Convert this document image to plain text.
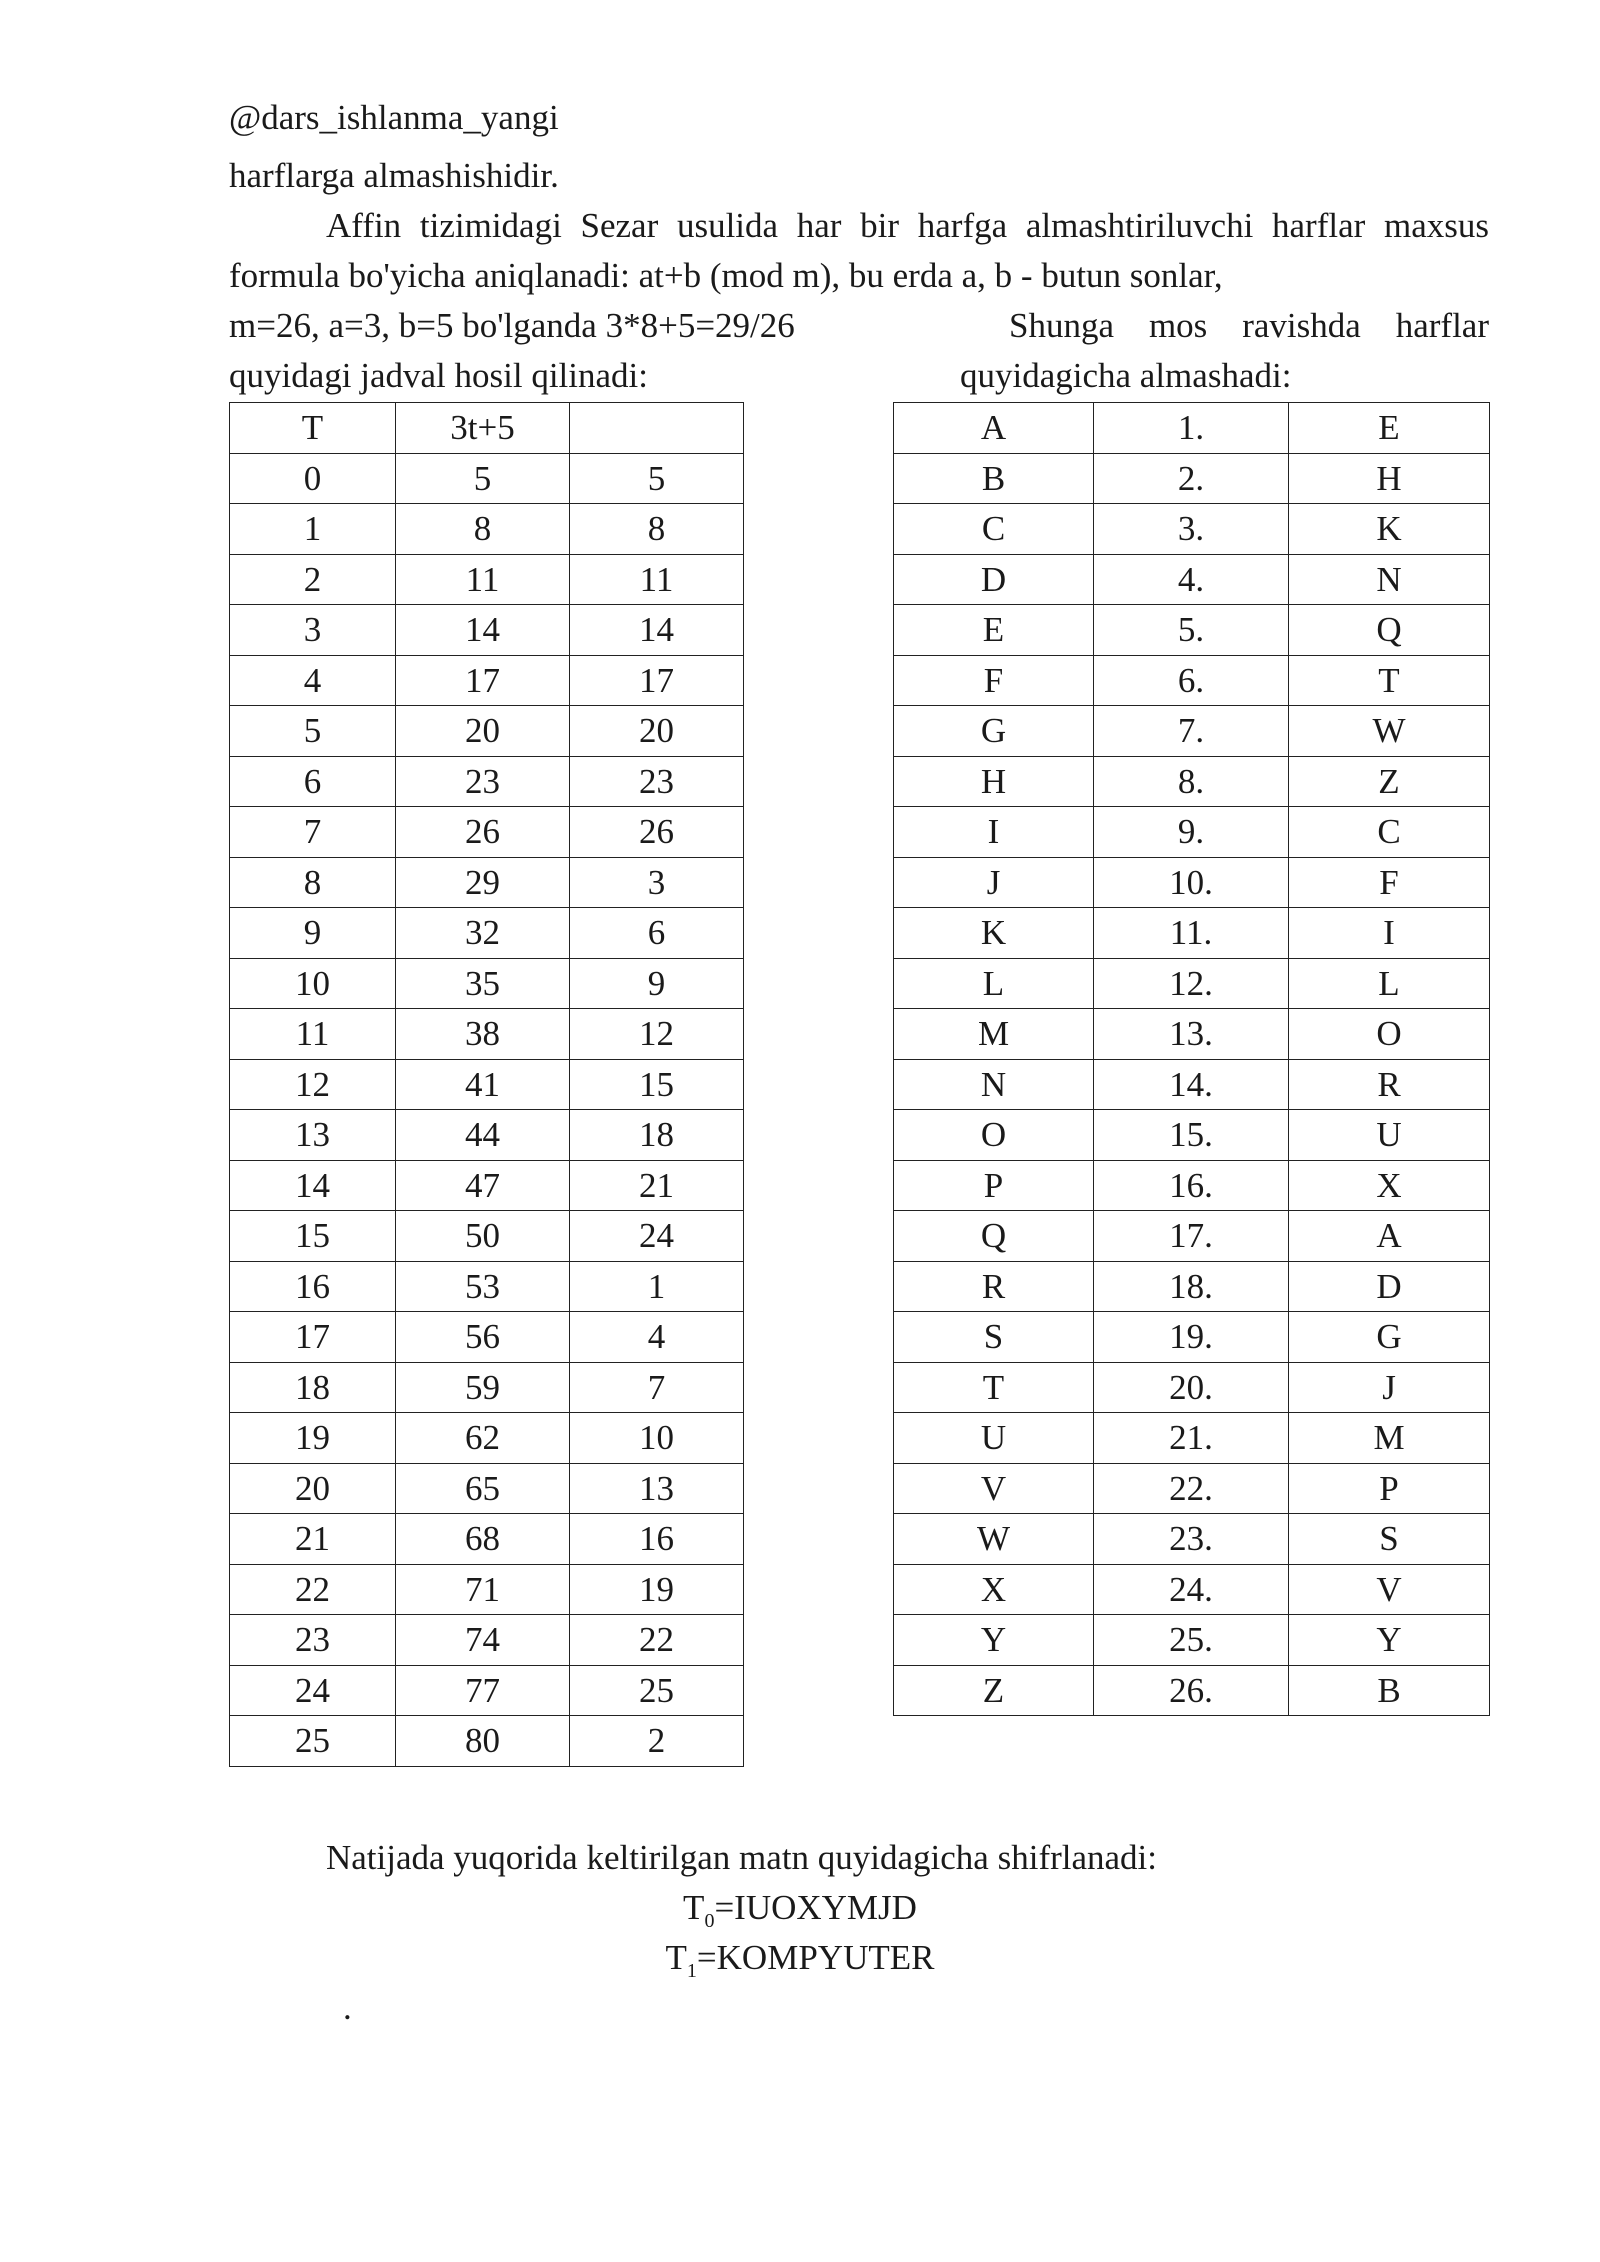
@dars_ishlanma_yangi
harflarga almashishidir.
Affin tizimidagi Sezar usulida har bir harfga almashtiriluvchi harflar maxsus
formula bo'yicha aniqlanadi: at+b (mod m), bu erda a, b - butun sonlar,
m=26, a=3, b=5 bo'lganda 3*8+5=29/26	Shunga mos ravishda harflar
quyidagi jadval hosil qilinadi:	quyidagicha almashadi:
T	3t+5	
0	5	5
1	8	8
2	11	11
3	14	14
4	17	17
5	20	20
6	23	23
7	26	26
8	29	3
9	32	6
10	35	9
11	38	12
12	41	15
13	44	18
14	47	21
15	50	24
16	53	1
17	56	4
18	59	7
19	62	10
20	65	13
21	68	16
22	71	19
23	74	22
24	77	25
25	80	2
A	1.	E
B	2.	H
C	3.	K
D	4.	N
E	5.	Q
F	6.	T
G	7.	W
H	8.	Z
I	9.	C
J	10.	F
K	11.	I
L	12.	L
M	13.	O
N	14.	R
O	15.	U
P	16.	X
Q	17.	A
R	18.	D
S	19.	G
T	20.	J
U	21.	M
V	22.	P
W	23.	S
X	24.	V
Y	25.	Y
Z	26.	B
Natijada yuqorida keltirilgan matn quyidagicha shifrlanadi:
$T_0=IUOXYMJD$
$T_1=KOMPYUTER$
.
